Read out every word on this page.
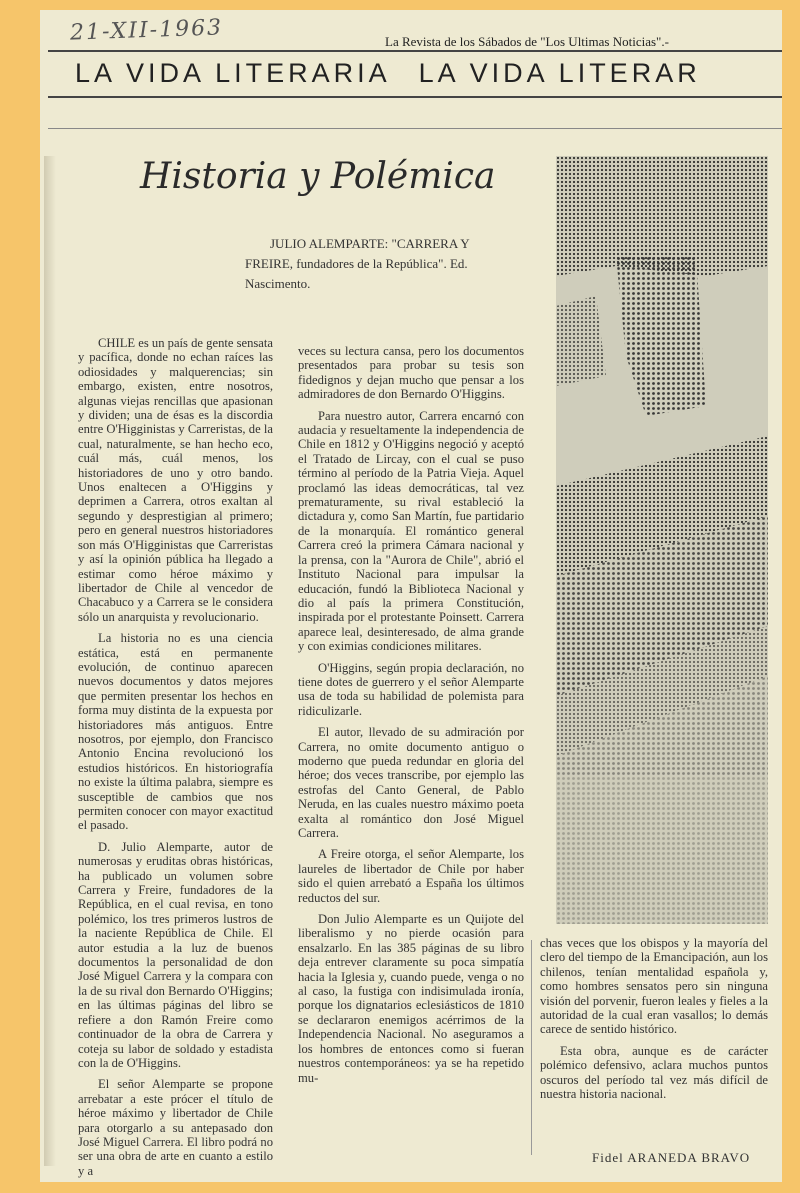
21-XII-1963	La Revista de los Sábados de "Los Ultimas Noticias".-
LA VIDA LITERARIA LA VIDA LITERAR
Historia y Polémica
JULIO ALEMPARTE: "CARRERA Y FREIRE, fundadores de la República". Ed. Nascimento.

CHILE es un país de gente sensata y pacífica, donde no echan raíces las odiosidades y malquerencias; sin embargo, existen, entre nosotros, algunas viejas rencillas que apasionan y dividen; una de ésas es la discordia entre O'Higginistas y Carreristas, de la cual, naturalmente, se han hecho eco, cuál más, cuál menos, los historiadores de uno y otro bando. Unos enaltecen a O'Higgins y deprimen a Carrera, otros exaltan al segundo y desprestigian al primero; pero en general nuestros historiadores son más O'Higginistas que Carreristas y así la opinión pública ha llegado a estimar como héroe máximo y libertador de Chile al vencedor de Chacabuco y a Carrera se le considera sólo un anarquista y revolucionario.

La historia no es una ciencia estática, está en permanente evolución, de continuo aparecen nuevos documentos y datos mejores que permiten presentar los hechos en forma muy distinta de la expuesta por historiadores más antiguos. Entre nosotros, por ejemplo, don Francisco Antonio Encina revolucionó los estudios históricos. En historiografía no existe la última palabra, siempre es susceptible de cambios que nos permiten conocer con mayor exactitud el pasado.

D. Julio Alemparte, autor de numerosas y eruditas obras históricas, ha publicado un volumen sobre Carrera y Freire, fundadores de la República, en el cual revisa, en tono polémico, los tres primeros lustros de la naciente República de Chile. El autor estudia a la luz de buenos documentos la personalidad de don José Miguel Carrera y la compara con la de su rival don Bernardo O'Higgins; en las últimas páginas del libro se refiere a don Ramón Freire como continuador de la obra de Carrera y coteja su labor de soldado y estadista con la de O'Higgins.

El señor Alemparte se propone arrebatar a este prócer el título de héroe máximo y libertador de Chile para otorgarlo a su antepasado don José Miguel Carrera. El libro podrá no ser una obra de arte en cuanto a estilo y a

veces su lectura cansa, pero los documentos presentados para probar su tesis son fidedignos y dejan mucho que pensar a los admiradores de don Bernardo O'Higgins.

Para nuestro autor, Carrera encarnó con audacia y resueltamente la independencia de Chile en 1812 y O'Higgins negoció y aceptó el Tratado de Lircay, con el cual se puso término al período de la Patria Vieja. Aquel proclamó las ideas democráticas, tal vez prematuramente, su rival estableció la dictadura y, como San Martín, fue partidario de la monarquía. El romántico general Carrera creó la primera Cámara nacional y la prensa, con la "Aurora de Chile", abrió el Instituto Nacional para impulsar la educación, fundó la Biblioteca Nacional y dio al país la primera Constitución, inspirada por el protestante Poinsett. Carrera aparece leal, desinteresado, de alma grande y con eximias condiciones militares.

O'Higgins, según propia declaración, no tiene dotes de guerrero y el señor Alemparte usa de toda su habilidad de polemista para ridiculizarle.

El autor, llevado de su admiración por Carrera, no omite documento antiguo o moderno que pueda redundar en gloria del héroe; dos veces transcribe, por ejemplo las estrofas del Canto General, de Pablo Neruda, en las cuales nuestro máximo poeta exalta al romántico don José Miguel Carrera.

A Freire otorga, el señor Alemparte, los laureles de libertador de Chile por haber sido el quien arrebató a España los últimos reductos del sur.

Don Julio Alemparte es un Quijote del liberalismo y no pierde ocasión para ensalzarlo. En las 385 páginas de su libro deja entrever claramente su poca simpatía hacia la Iglesia y, cuando puede, venga o no al caso, la fustiga con indisimulada ironía, porque los dignatarios eclesiásticos de 1810 se declararon enemigos acérrimos de la Independencia Nacional. No aseguramos a los hombres de entonces como si fueran nuestros contemporáneos: ya se ha repetido mu-

chas veces que los obispos y la mayoría del clero del tiempo de la Emancipación, aun los chilenos, tenían mentalidad española y, como hombres sensatos pero sin ninguna visión del porvenir, fueron leales y fieles a la autoridad de la cual eran vasallos; lo demás carece de sentido histórico.

Esta obra, aunque es de carácter polémico defensivo, aclara muchos puntos oscuros del período tal vez más difícil de nuestra historia nacional.

Fidel ARANEDA BRAVO
